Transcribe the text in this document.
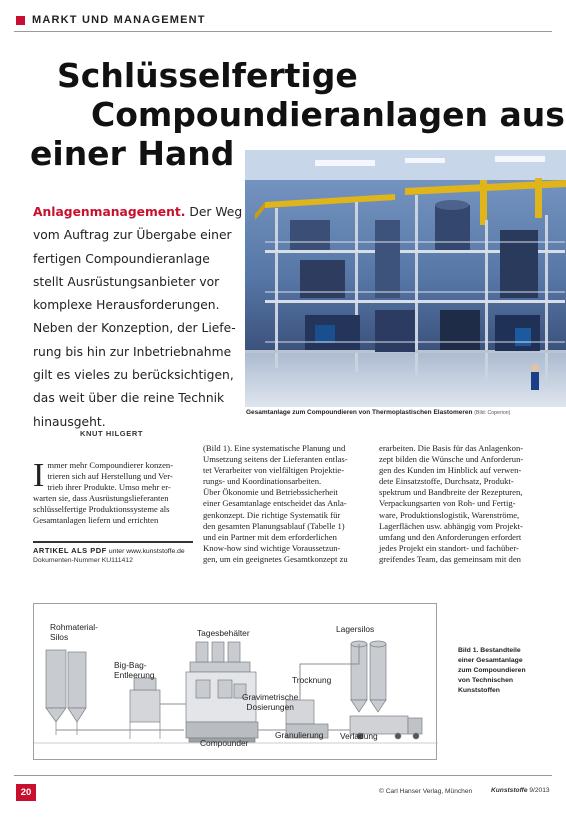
MARKT UND MANAGEMENT
Schlüsselfertige
Compoundieranlagen aus
einer Hand
Gesamtanlage zum Compoundieren von Thermoplastischen Elastomeren (Bild: Coperion)
Anlagenmanagement. Der Weg
vom Auftrag zur Übergabe einer
fertigen Compoundieranlage
stellt Ausrüstungsanbieter vor
komplexe Herausforderungen.
Neben der Konzeption, der Liefe-
rung bis hin zur Inbetriebnahme
gilt es vieles zu berücksichtigen,
das weit über die reine Technik
hinausgeht.
KNUT HILGERT
I mmer mehr Compoundierer konzen-
trieren sich auf Herstellung und Ver-
trieb ihrer Produkte. Umso mehr er-
warten sie, dass Ausrüstungslieferanten
schlüsselfertige Produktionssysteme als
Gesamtanlagen liefern und errichten
(Bild 1). Eine systematische Planung und
Umsetzung seitens der Lieferanten entlas-
tet Verarbeiter von vielfältigen Projektie-
rungs- und Koordinationsarbeiten.
Über Ökonomie und Betriebssicherheit
einer Gesamtanlage entscheidet das Anla-
genkonzept. Die richtige Systematik für
den gesamten Planungsablauf (Tabelle 1)
und ein Partner mit dem erforderlichen
Know-how sind wichtige Voraussetzun-
gen, um ein geeignetes Gesamtkonzept zu
erarbeiten. Die Basis für das Anlagenkon-
zept bilden die Wünsche und Anforderun-
gen des Kunden im Hinblick auf verwen-
dete Einsatzstoffe, Durchsatz, Produkt-
spektrum und Bandbreite der Rezepturen,
Verpackungsarten von Roh- und Fertig-
ware, Produktionslogistik, Warenströme,
Lagerflächen usw. abhängig vom Projekt-
umfang und den Anforderungen erfordert
jedes Projekt ein standort- und fachüber-
greifendes Team, das gemeinsam mit den
ARTIKEL ALS PDF unter www.kunststoffe.de
Dokumenten-Nummer KU111412
Rohmaterial-
Silos
Big-Bag-
Entleerung
Tagesbehälter
Gravimetrische
Dosierungen
Compounder
Trocknung
Granulierung
Lagersilos
Verladung
Bild 1. Bestandteile
einer Gesamtanlage
zum Compoundieren
von Technischen
Kunststoffen
20	© Carl Hanser Verlag, München	Kunststoffe 9/2013
